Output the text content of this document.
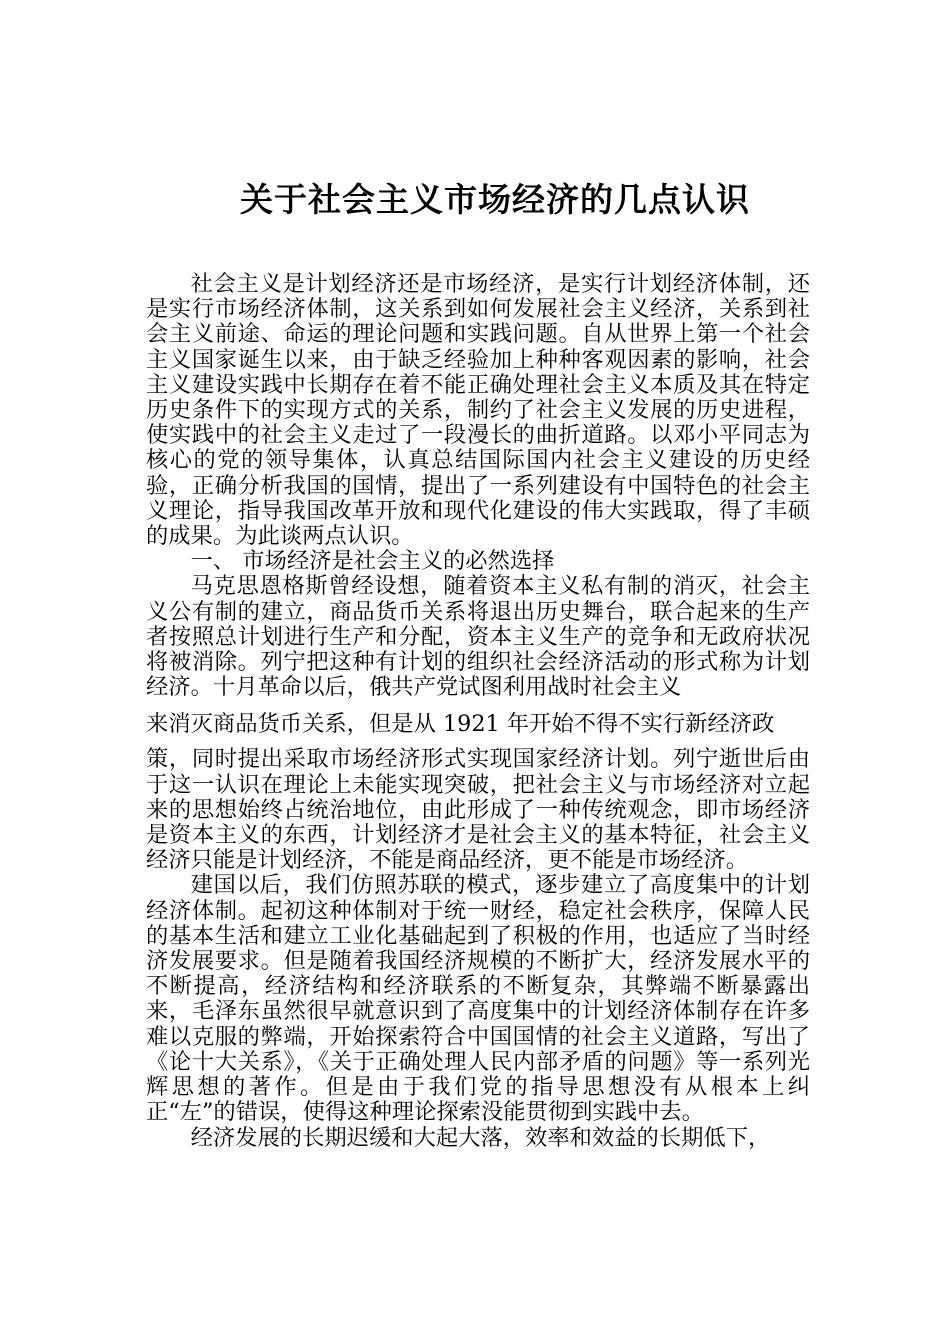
关于社会主义市场经济的几点认识

社会主义是计划经济还是市场经济，是实行计划经济体制，还是实行市场经济体制，这关系到如何发展社会主义经济，关系到社会主义前途、命运的理论问题和实践问题。自从世界上第一个社会主义国家诞生以来，由于缺乏经验加上种种客观因素的影响，社会主义建设实践中长期存在着不能正确处理社会主义本质及其在特定历史条件下的实现方式的关系，制约了社会主义发展的历史进程，使实践中的社会主义走过了一段漫长的曲折道路。以邓小平同志为核心的党的领导集体，认真总结国际国内社会主义建设的历史经验，正确分析我国的国情，提出了一系列建设有中国特色的社会主义理论，指导我国改革开放和现代化建设的伟大实践取，得了丰硕的成果。为此谈两点认识。

一、 市场经济是社会主义的必然选择

马克思恩格斯曾经设想，随着资本主义私有制的消灭，社会主义公有制的建立，商品货币关系将退出历史舞台，联合起来的生产者按照总计划进行生产和分配，资本主义生产的竞争和无政府状况将被消除。列宁把这种有计划的组织社会经济活动的形式称为计划经济。十月革命以后，俄共产党试图利用战时社会主义

来消灭商品货币关系，但是从 1921 年开始不得不实行新经济政

策，同时提出采取市场经济形式实现国家经济计划。列宁逝世后由于这一认识在理论上未能实现突破，把社会主义与市场经济对立起来的思想始终占统治地位，由此形成了一种传统观念，即市场经济是资本主义的东西，计划经济才是社会主义的基本特征，社会主义经济只能是计划经济，不能是商品经济，更不能是市场经济。

建国以后，我们仿照苏联的模式，逐步建立了高度集中的计划经济体制。起初这种体制对于统一财经，稳定社会秩序，保障人民的基本生活和建立工业化基础起到了积极的作用，也适应了当时经济发展要求。但是随着我国经济规模的不断扩大，经济发展水平的不断提高，经济结构和经济联系的不断复杂，其弊端不断暴露出来，毛泽东虽然很早就意识到了高度集中的计划经济体制存在许多难以克服的弊端，开始探索符合中国国情的社会主义道路，写出了《论十大关系》，《关于正确处理人民内部矛盾的问题》等一系列光辉思想的著作。但是由于我们党的指导思想没有从根本上纠正“左”的错误，使得这种理论探索没能贯彻到实践中去。

经济发展的长期迟缓和大起大落，效率和效益的长期低下，
